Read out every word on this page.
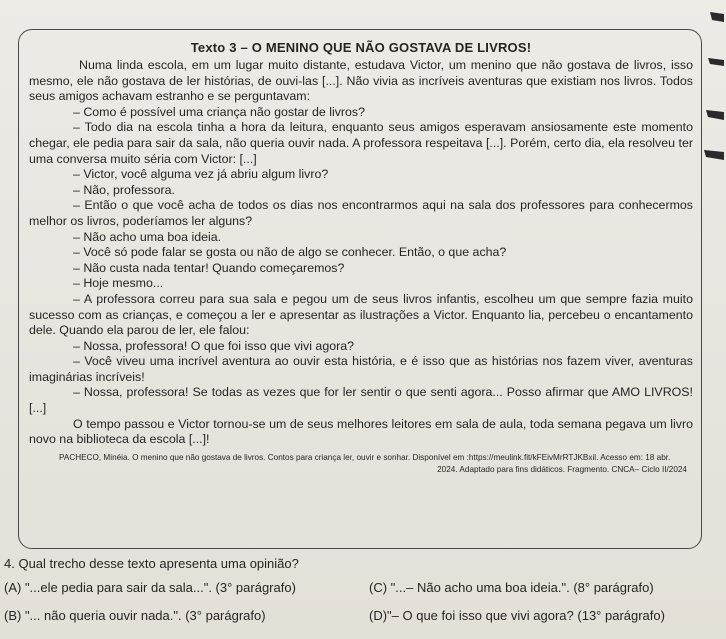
Texto 3 – O MENINO QUE NÃO GOSTAVA DE LIVROS!

Numa linda escola, em um lugar muito distante, estudava Victor, um menino que não gostava de livros, isso mesmo, ele não gostava de ler histórias, de ouvi-las [...]. Não vivia as incríveis aventuras que existiam nos livros. Todos seus amigos achavam estranho e se perguntavam:

– Como é possível uma criança não gostar de livros?

– Todo dia na escola tinha a hora da leitura, enquanto seus amigos esperavam ansiosamente este momento chegar, ele pedia para sair da sala, não queria ouvir nada. A professora respeitava [...]. Porém, certo dia, ela resolveu ter uma conversa muito séria com Victor: [...]

– Victor, você alguma vez já abriu algum livro?

– Não, professora.

– Então o que você acha de todos os dias nos encontrarmos aqui na sala dos professores para conhecermos melhor os livros, poderíamos ler alguns?

– Não acho uma boa ideia.

– Você só pode falar se gosta ou não de algo se conhecer. Então, o que acha?

– Não custa nada tentar! Quando começaremos?

– Hoje mesmo...

– A professora correu para sua sala e pegou um de seus livros infantis, escolheu um que sempre fazia muito sucesso com as crianças, e começou a ler e apresentar as ilustrações a Victor. Enquanto lia, percebeu o encantamento dele. Quando ela parou de ler, ele falou:

– Nossa, professora! O que foi isso que vivi agora?

– Você viveu uma incrível aventura ao ouvir esta história, e é isso que as histórias nos fazem viver, aventuras imaginárias incríveis!

– Nossa, professora! Se todas as vezes que for ler sentir o que senti agora... Posso afirmar que AMO LIVROS! [...]

O tempo passou e Victor tornou-se um de seus melhores leitores em sala de aula, toda semana pegava um livro novo na biblioteca da escola [...]!

PACHECO, Minéia. O menino que não gostava de livros. Contos para criança ler, ouvir e sonhar. Disponível em :https://meulink.fit/kFEivMrRTJKBxil. Acesso em: 18 abr.
2024. Adaptado para fins didáticos. Fragmento. CNCA– Ciclo II/2024
4. Qual trecho desse texto apresenta uma opinião?
(A) "...ele pedia para sair da sala...". (3° parágrafo)	(C) "...– Não acho uma boa ideia.". (8° parágrafo)
(B) "... não queria ouvir nada.". (3° parágrafo)	(D)"– O que foi isso que vivi agora? (13° parágrafo)
